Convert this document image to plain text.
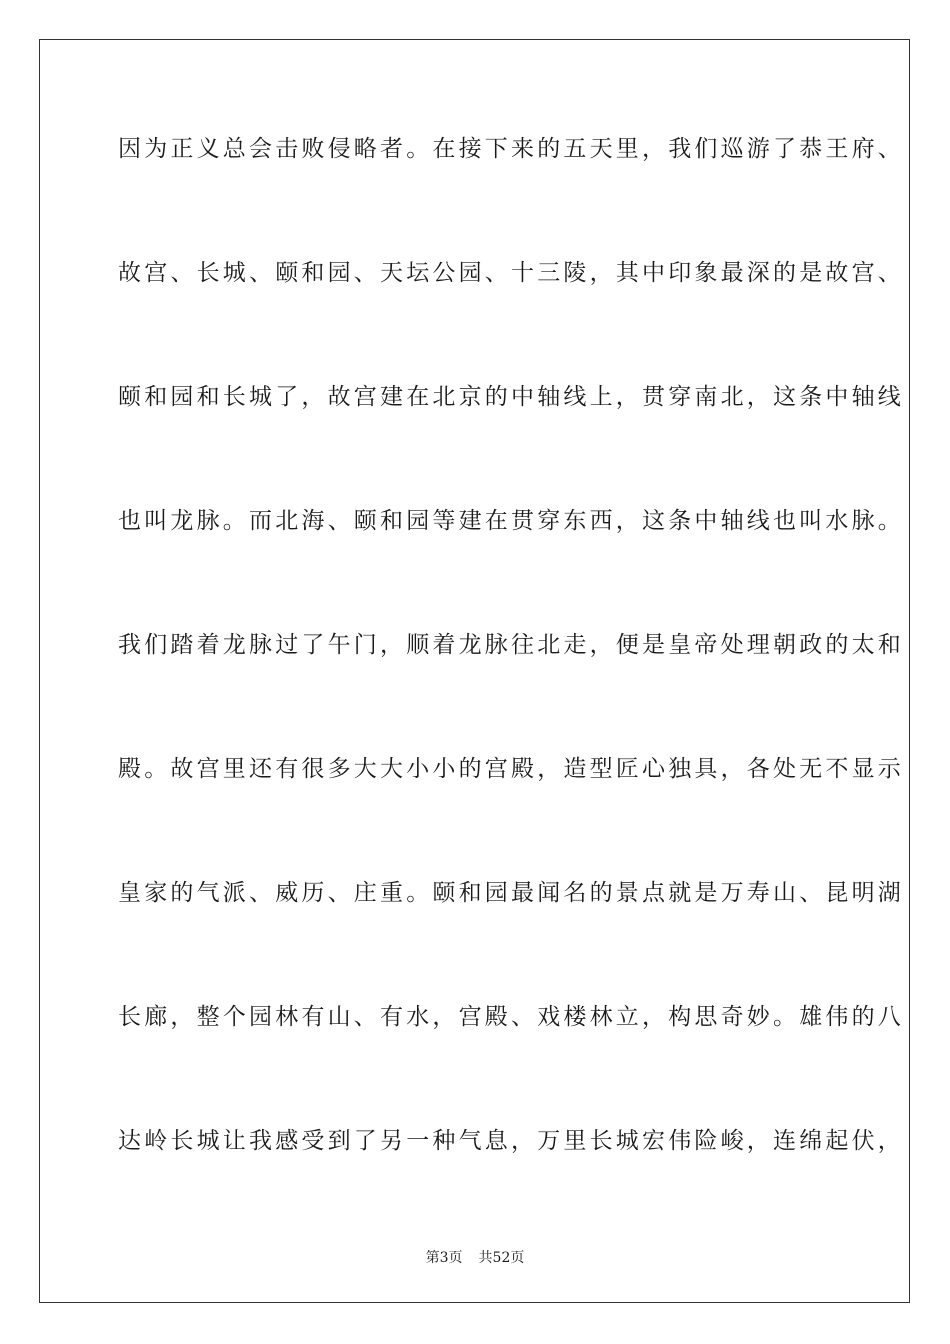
因为正义总会击败侵略者。在接下来的五天里，我们巡游了恭王府、
故宫、长城、颐和园、天坛公园、十三陵，其中印象最深的是故宫、
颐和园和长城了，故宫建在北京的中轴线上，贯穿南北，这条中轴线
也叫龙脉。而北海、颐和园等建在贯穿东西，这条中轴线也叫水脉。
我们踏着龙脉过了午门，顺着龙脉往北走，便是皇帝处理朝政的太和
殿。故宫里还有很多大大小小的宫殿，造型匠心独具，各处无不显示
皇家的气派、威历、庄重。颐和园最闻名的景点就是万寿山、昆明湖
长廊，整个园林有山、有水，宫殿、戏楼林立，构思奇妙。雄伟的八
达岭长城让我感受到了另一种气息，万里长城宏伟险峻，连绵起伏，
第3页 共52页
